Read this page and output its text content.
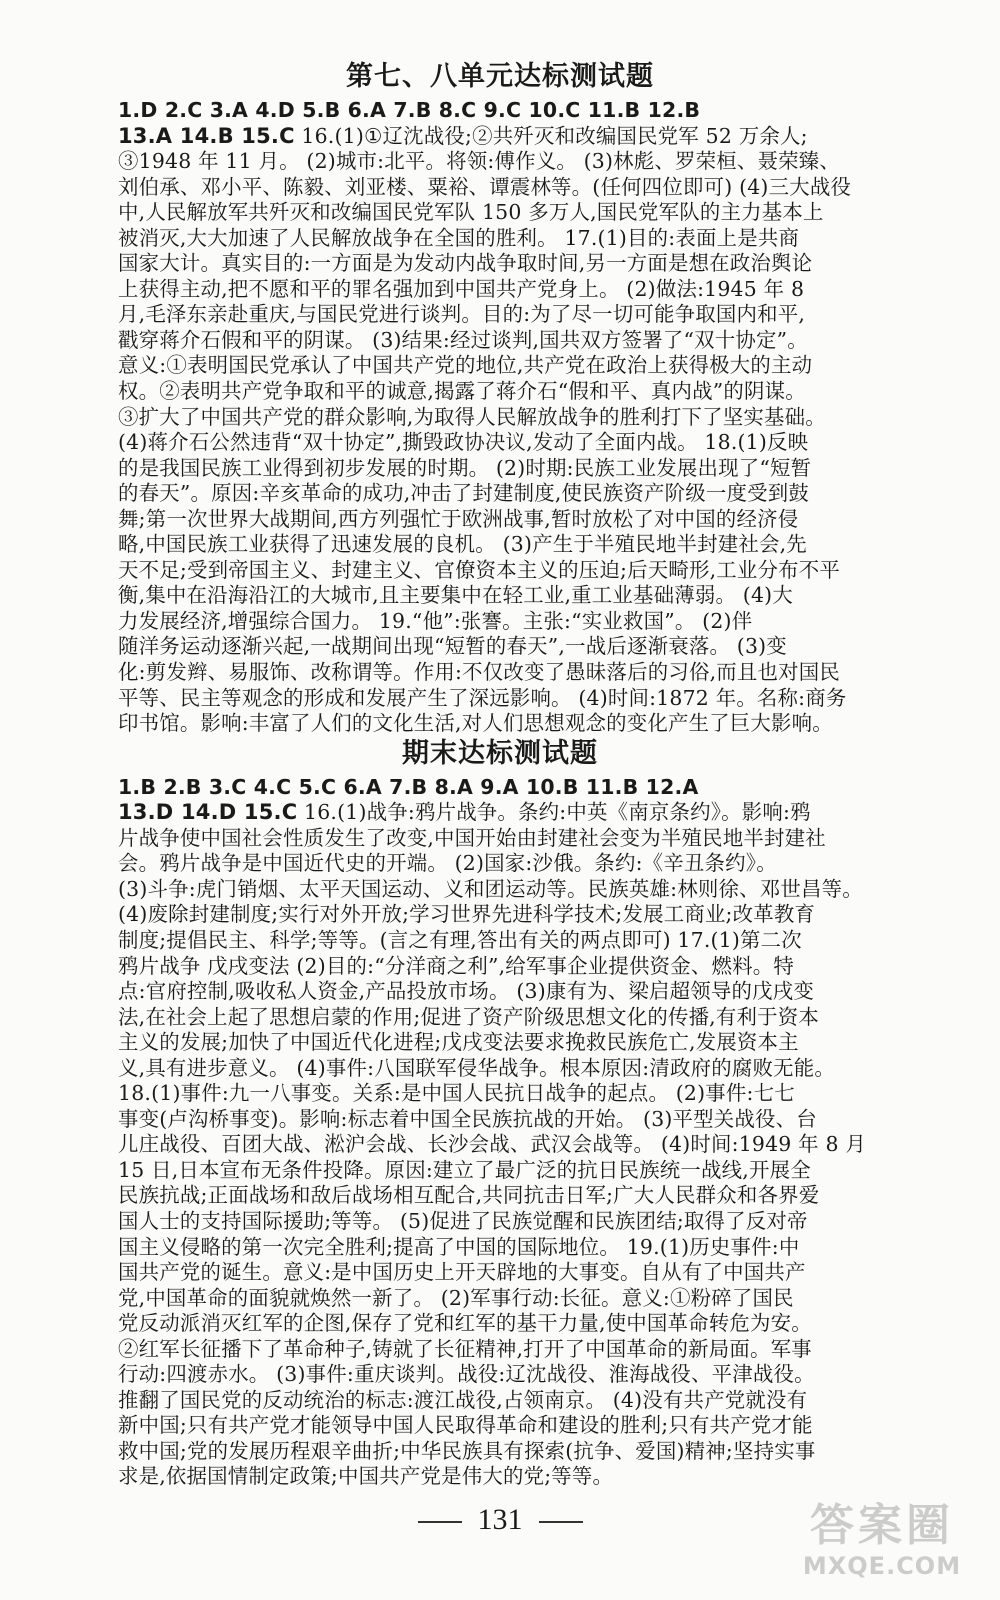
第七、八单元达标测试题
1.D 2.C 3.A 4.D 5.B 6.A 7.B 8.C 9.C 10.C 11.B 12.B
13.A 14.B 15.C 16.(1)①辽沈战役;②共歼灭和改编国民党军 52 万余人;
③1948 年 11 月。 (2)城市:北平。将领:傅作义。 (3)林彪、罗荣桓、聂荣臻、
刘伯承、邓小平、陈毅、刘亚楼、粟裕、谭震林等。(任何四位即可) (4)三大战役
中,人民解放军共歼灭和改编国民党军队 150 多万人,国民党军队的主力基本上
被消灭,大大加速了人民解放战争在全国的胜利。 17.(1)目的:表面上是共商
国家大计。真实目的:一方面是为发动内战争取时间,另一方面是想在政治舆论
上获得主动,把不愿和平的罪名强加到中国共产党身上。 (2)做法:1945 年 8
月,毛泽东亲赴重庆,与国民党进行谈判。目的:为了尽一切可能争取国内和平,
戳穿蒋介石假和平的阴谋。 (3)结果:经过谈判,国共双方签署了“双十协定”。
意义:①表明国民党承认了中国共产党的地位,共产党在政治上获得极大的主动
权。②表明共产党争取和平的诚意,揭露了蒋介石“假和平、真内战”的阴谋。
③扩大了中国共产党的群众影响,为取得人民解放战争的胜利打下了坚实基础。
(4)蒋介石公然违背“双十协定”,撕毁政协决议,发动了全面内战。 18.(1)反映
的是我国民族工业得到初步发展的时期。 (2)时期:民族工业发展出现了“短暂
的春天”。原因:辛亥革命的成功,冲击了封建制度,使民族资产阶级一度受到鼓
舞;第一次世界大战期间,西方列强忙于欧洲战事,暂时放松了对中国的经济侵
略,中国民族工业获得了迅速发展的良机。 (3)产生于半殖民地半封建社会,先
天不足;受到帝国主义、封建主义、官僚资本主义的压迫;后天畸形,工业分布不平
衡,集中在沿海沿江的大城市,且主要集中在轻工业,重工业基础薄弱。 (4)大
力发展经济,增强综合国力。 19.“他”:张謇。主张:“实业救国”。 (2)伴
随洋务运动逐渐兴起,一战期间出现“短暂的春天”,一战后逐渐衰落。 (3)变
化:剪发辫、易服饰、改称谓等。作用:不仅改变了愚昧落后的习俗,而且也对国民
平等、民主等观念的形成和发展产生了深远影响。 (4)时间:1872 年。名称:商务
印书馆。影响:丰富了人们的文化生活,对人们思想观念的变化产生了巨大影响。
期末达标测试题
1.B 2.B 3.C 4.C 5.C 6.A 7.B 8.A 9.A 10.B 11.B 12.A
13.D 14.D 15.C 16.(1)战争:鸦片战争。条约:中英《南京条约》。影响:鸦
片战争使中国社会性质发生了改变,中国开始由封建社会变为半殖民地半封建社
会。鸦片战争是中国近代史的开端。 (2)国家:沙俄。条约:《辛丑条约》。
(3)斗争:虎门销烟、太平天国运动、义和团运动等。民族英雄:林则徐、邓世昌等。
(4)废除封建制度;实行对外开放;学习世界先进科学技术;发展工商业;改革教育
制度;提倡民主、科学;等等。(言之有理,答出有关的两点即可) 17.(1)第二次
鸦片战争 戊戌变法 (2)目的:“分洋商之利”,给军事企业提供资金、燃料。特
点:官府控制,吸收私人资金,产品投放市场。 (3)康有为、梁启超领导的戊戌变
法,在社会上起了思想启蒙的作用;促进了资产阶级思想文化的传播,有利于资本
主义的发展;加快了中国近代化进程;戊戌变法要求挽救民族危亡,发展资本主
义,具有进步意义。 (4)事件:八国联军侵华战争。根本原因:清政府的腐败无能。
18.(1)事件:九一八事变。关系:是中国人民抗日战争的起点。 (2)事件:七七
事变(卢沟桥事变)。影响:标志着中国全民族抗战的开始。 (3)平型关战役、台
儿庄战役、百团大战、淞沪会战、长沙会战、武汉会战等。 (4)时间:1949 年 8 月
15 日,日本宣布无条件投降。原因:建立了最广泛的抗日民族统一战线,开展全
民族抗战;正面战场和敌后战场相互配合,共同抗击日军;广大人民群众和各界爱
国人士的支持国际援助;等等。 (5)促进了民族觉醒和民族团结;取得了反对帝
国主义侵略的第一次完全胜利;提高了中国的国际地位。 19.(1)历史事件:中
国共产党的诞生。意义:是中国历史上开天辟地的大事变。自从有了中国共产
党,中国革命的面貌就焕然一新了。 (2)军事行动:长征。意义:①粉碎了国民
党反动派消灭红军的企图,保存了党和红军的基干力量,使中国革命转危为安。
②红军长征播下了革命种子,铸就了长征精神,打开了中国革命的新局面。军事
行动:四渡赤水。 (3)事件:重庆谈判。战役:辽沈战役、淮海战役、平津战役。
推翻了国民党的反动统治的标志:渡江战役,占领南京。 (4)没有共产党就没有
新中国;只有共产党才能领导中国人民取得革命和建设的胜利;只有共产党才能
救中国;党的发展历程艰辛曲折;中华民族具有探索(抗争、爱国)精神;坚持实事
求是,依据国情制定政策;中国共产党是伟大的党;等等。
131	答案圈
MXQE.COM
